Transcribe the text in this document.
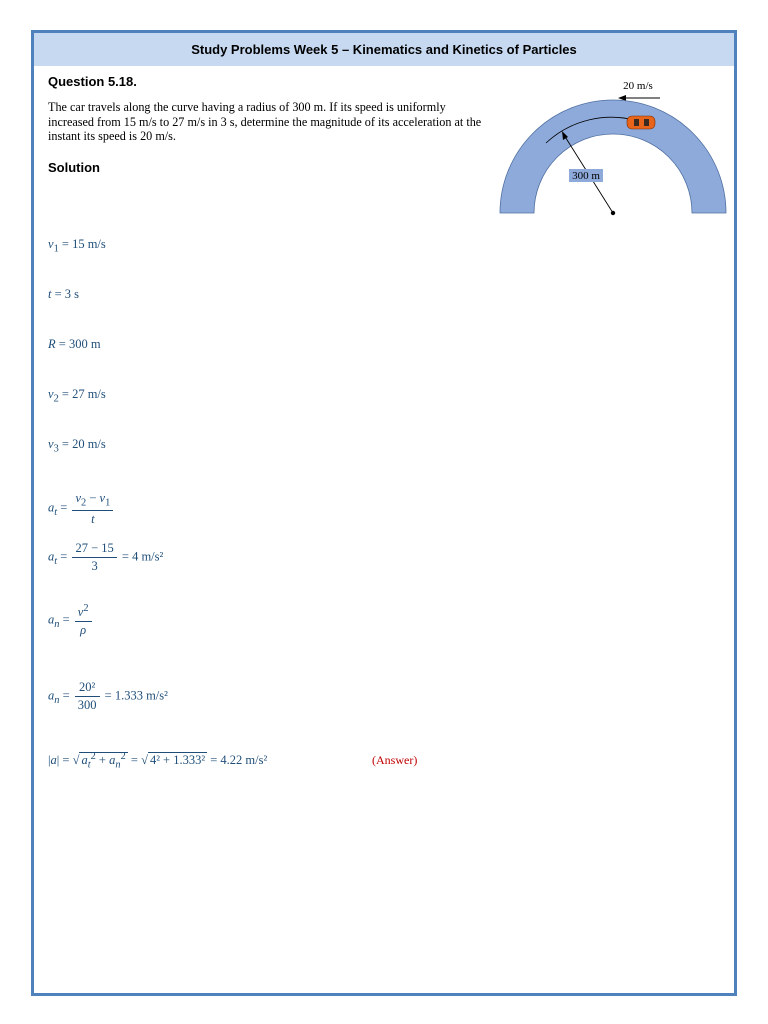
Study Problems Week 5 – Kinematics and Kinetics of Particles
Question 5.18.
The car travels along the curve having a radius of 300 m. If its speed is uniformly increased from 15 m/s to 27 m/s in 3 s, determine the magnitude of its acceleration at the instant its speed is 20 m/s.
Solution
20 m/s
300 m
$v_1 = 15$ m/s
t = 3 s
R = 300 m
$v_2 = 27$ m/s
$v_3 = 20$ m/s
$a_t = \frac{v_2 - v_1}{t}$
$a_t = \frac{27 - 15}{3} = 4$ m/s²
$a_n = \frac{v^2}{\rho}$
$a_n = \frac{\text{20²}}{300} = 1.333$ m/s²
|a| = √ $a_t^2 + a_n^2$ = √ 4² + 1.333² = 4.22 m/s²	(Answer)
